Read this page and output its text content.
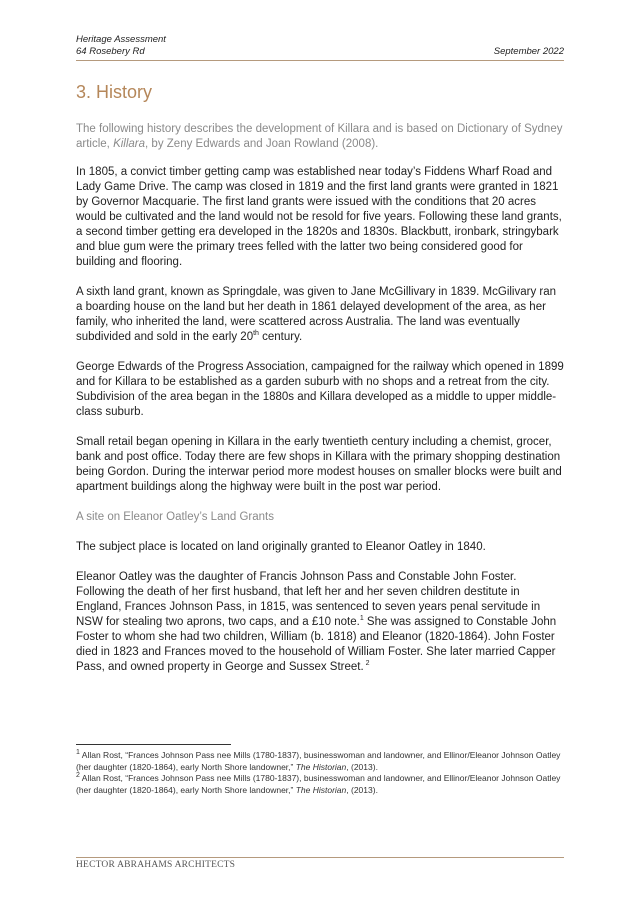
Heritage Assessment
64 Rosebery Rd	September 2022
3. History

The following history describes the development of Killara and is based on Dictionary of Sydney article, Killara, by Zeny Edwards and Joan Rowland (2008).

In 1805, a convict timber getting camp was established near today’s Fiddens Wharf Road and Lady Game Drive. The camp was closed in 1819 and the first land grants were granted in 1821 by Governor Macquarie. The first land grants were issued with the conditions that 20 acres would be cultivated and the land would not be resold for five years. Following these land grants, a second timber getting era developed in the 1820s and 1830s. Blackbutt, ironbark, stringybark and blue gum were the primary trees felled with the latter two being considered good for building and flooring.

A sixth land grant, known as Springdale, was given to Jane McGillivary in 1839. McGilivary ran a boarding house on the land but her death in 1861 delayed development of the area, as her family, who inherited the land, were scattered across Australia. The land was eventually subdivided and sold in the early 20th century.

George Edwards of the Progress Association, campaigned for the railway which opened in 1899 and for Killara to be established as a garden suburb with no shops and a retreat from the city. Subdivision of the area began in the 1880s and Killara developed as a middle to upper middle-class suburb.

Small retail began opening in Killara in the early twentieth century including a chemist, grocer, bank and post office. Today there are few shops in Killara with the primary shopping destination being Gordon. During the interwar period more modest houses on smaller blocks were built and apartment buildings along the highway were built in the post war period.

A site on Eleanor Oatley’s Land Grants

The subject place is located on land originally granted to Eleanor Oatley in 1840.

Eleanor Oatley was the daughter of Francis Johnson Pass and Constable John Foster. Following the death of her first husband, that left her and her seven children destitute in England, Frances Johnson Pass, in 1815, was sentenced to seven years penal servitude in NSW for stealing two aprons, two caps, and a £10 note.$^1$ She was assigned to Constable John Foster to whom she had two children, William (b. 1818) and Eleanor (1820-1864). John Foster died in 1823 and Frances moved to the household of William Foster. She later married Capper Pass, and owned property in George and Sussex Street. $^2$

$^1$ Allan Rost, “Frances Johnson Pass nee Mills (1780-1837), businesswoman and landowner, and Ellinor/Eleanor Johnson Oatley (her daughter (1820-1864), early North Shore landowner,” The Historian, (2013).

$^2$ Allan Rost, “Frances Johnson Pass nee Mills (1780-1837), businesswoman and landowner, and Ellinor/Eleanor Johnson Oatley (her daughter (1820-1864), early North Shore landowner,” The Historian, (2013).

HECTOR ABRAHAMS ARCHITECTS
